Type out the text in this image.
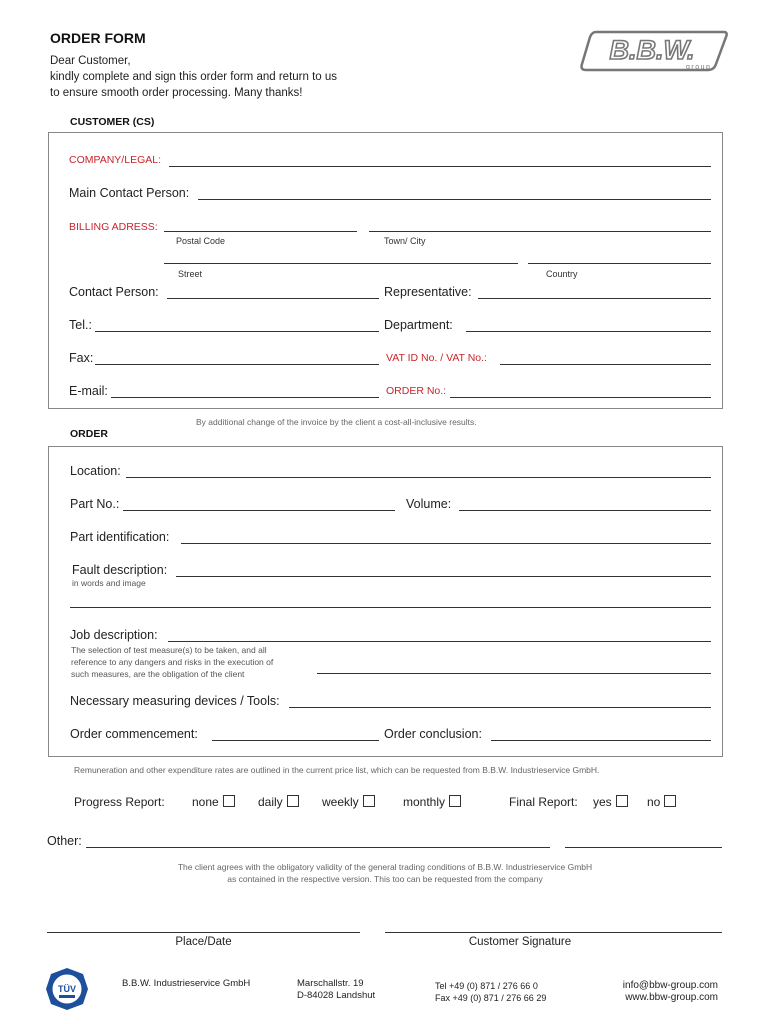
ORDER FORM
Dear Customer,
kindly complete and sign this order form and return to us
to ensure smooth order processing. Many thanks!
B.B.W.
group
CUSTOMER (CS)
COMPANY/LEGAL:
Main Contact Person:
BILLING ADRESS:
Postal Code	Town/ City
Street	Country
Contact Person:	Representative:
Tel.:	Department:
Fax:	VAT ID No. / VAT No.:
E-mail:	ORDER No.:
By additional change of the invoice by the client a cost-all-inclusive results.
ORDER
Location:
Part No.:	Volume:
Part identification:
Fault description:
in words and image
Job description:
The selection of test measure(s) to be taken, and all
reference to any dangers and risks in the execution of
such measures, are the obligation of the client
Necessary measuring devices / Tools:
Order commencement:	Order conclusion:
Remuneration and other expenditure rates are outlined in the current price list, which can be requested from B.B.W. Industrieservice GmbH.
Progress Report: none	daily	weekly	monthly	Final Report: yes	no
Other:
The client agrees with the obligatory validity of the general trading conditions of B.B.W. Industrieservice GmbH
as contained in the respective version. This too can be requested from the company
Place/Date	Customer Signature
TÜV	B.B.W. Industrieservice GmbH	Marschallstr. 19
D-84028 Landshut
Tel +49 (0) 871 / 276 66 0
Fax +49 (0) 871 / 276 66 29
info@bbw-group.com
www.bbw-group.com
